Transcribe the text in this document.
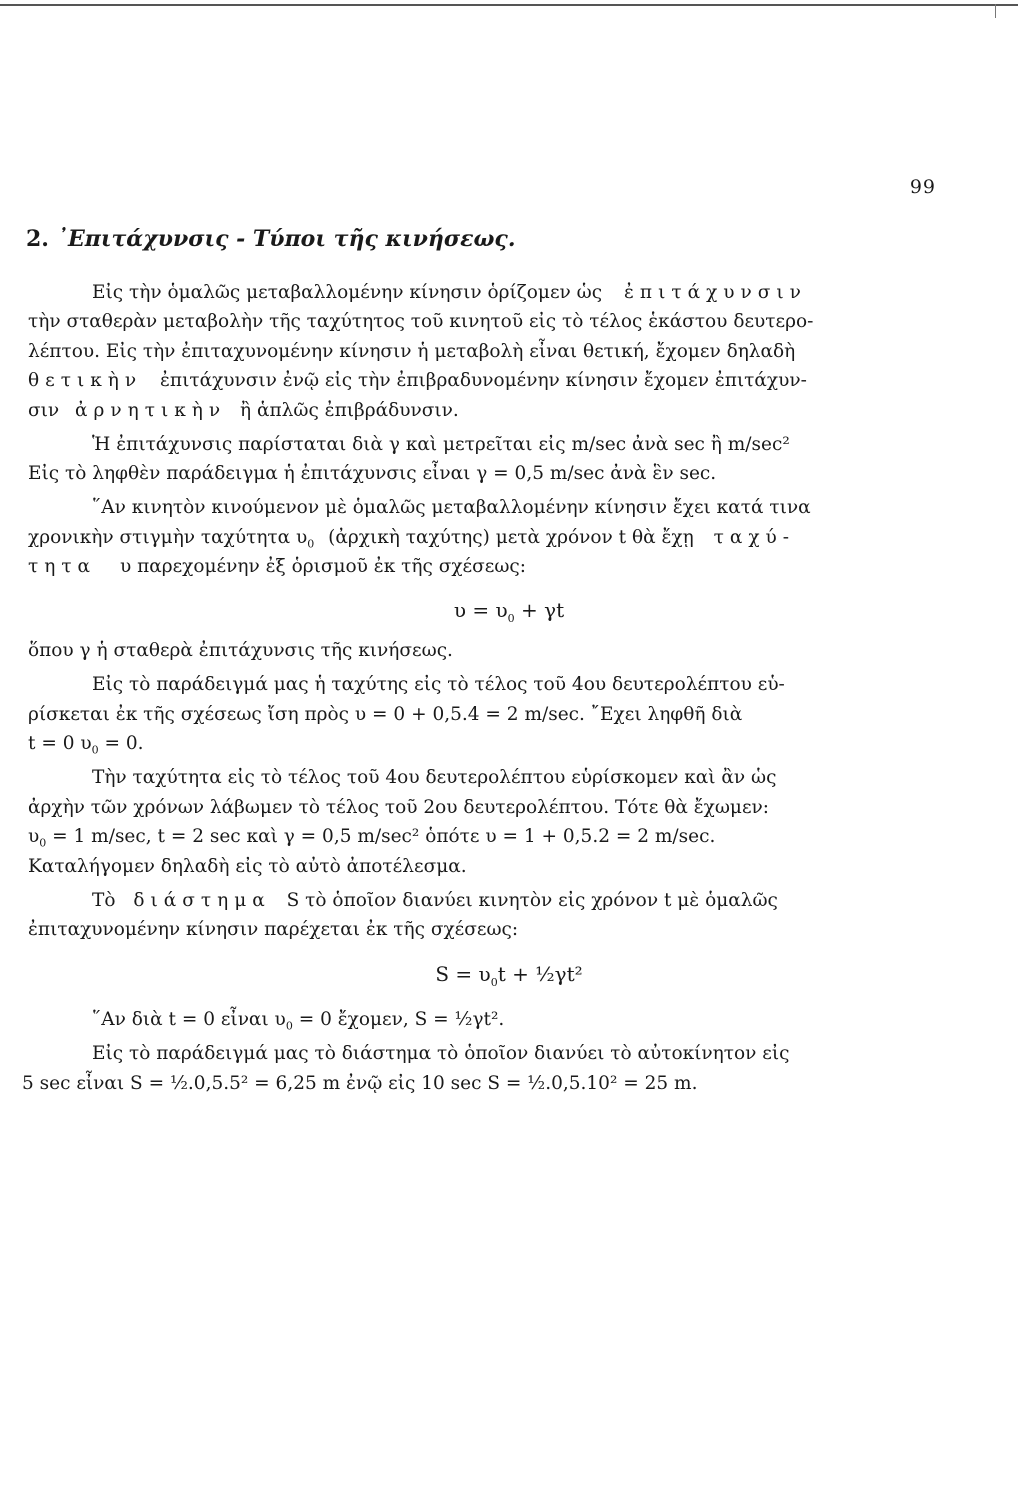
99
2. ᾿Επιτάχυνσις - Τύποι τῆς κινήσεως.
Εἰς τὴν ὁμαλῶς μεταβαλλομένην κίνησιν ὁρίζομεν ὡς ἐπιτάχυνσιν
τὴν σταθερὰν μεταβολὴν τῆς ταχύτητος τοῦ κινητοῦ εἰς τὸ τέλος ἑκάστου δευτερο-
λέπτου. Εἰς τὴν ἐπιταχυνομένην κίνησιν ἡ μεταβολὴ εἶναι θετική, ἔχομεν δηλαδὴ
θετικὴν ἐπιτάχυνσιν ἐνῷ εἰς τὴν ἐπιβραδυνομένην κίνησιν ἔχομεν ἐπιτάχυν-
σιν ἀρνητικὴν ἢ ἁπλῶς ἐπιβράδυνσιν.
Ἡ ἐπιτάχυνσις παρίσταται διὰ γ καὶ μετρεῖται εἰς m/sec ἀνὰ sec ἢ m/sec²
Εἰς τὸ ληφθὲν παράδειγμα ἡ ἐπιτάχυνσις εἶναι γ = 0,5 m/sec ἀνὰ ἓν sec.
῞Αν κινητὸν κινούμενον μὲ ὁμαλῶς μεταβαλλομένην κίνησιν ἔχει κατά τινα
χρονικὴν στιγμὴν ταχύτητα $\upsilon_0$ (ἀρχικὴ ταχύτης) μετὰ χρόνον t θὰ ἔχῃ ταχύ-
τητα υ παρεχομένην ἐξ ὁρισμοῦ ἐκ τῆς σχέσεως:
$\upsilon = \upsilon_0 + \gamma t$
ὅπου γ ἡ σταθερὰ ἐπιτάχυνσις τῆς κινήσεως.
Εἰς τὸ παράδειγμά μας ἡ ταχύτης εἰς τὸ τέλος τοῦ 4ου δευτερολέπτου εὑ-
ρίσκεται ἐκ τῆς σχέσεως ἴση πρὸς υ = 0 + 0,5.4 = 2 m/sec. ῎Εχει ληφθῆ διὰ
t = 0 $\upsilon_0 = 0$.
Τὴν ταχύτητα εἰς τὸ τέλος τοῦ 4ου δευτερολέπτου εὑρίσκομεν καὶ ἂν ὡς
ἀρχὴν τῶν χρόνων λάβωμεν τὸ τέλος τοῦ 2ου δευτερολέπτου. Τότε θὰ ἔχωμεν:
$\upsilon_0 = 1$ m/sec, t = 2 sec καὶ γ = 0,5 m/sec² ὁπότε υ = 1 + 0,5.2 = 2 m/sec.
Καταλήγομεν δηλαδὴ εἰς τὸ αὐτὸ ἀποτέλεσμα.
Τὸ διάστημα S τὸ ὁποῖον διανύει κινητὸν εἰς χρόνον t μὲ ὁμαλῶς
ἐπιταχυνομένην κίνησιν παρέχεται ἐκ τῆς σχέσεως:
$S = \upsilon_0t$ + ½γt²
῞Αν διὰ t = 0 εἶναι $\upsilon_0 = 0$ ἔχομεν, S = ½γt².
Εἰς τὸ παράδειγμά μας τὸ διάστημα τὸ ὁποῖον διανύει τὸ αὐτοκίνητον εἰς
5 sec εἶναι S = ½.0,5.5² = 6,25 m ἐνῷ εἰς 10 sec S = ½.0,5.10² = 25 m.
